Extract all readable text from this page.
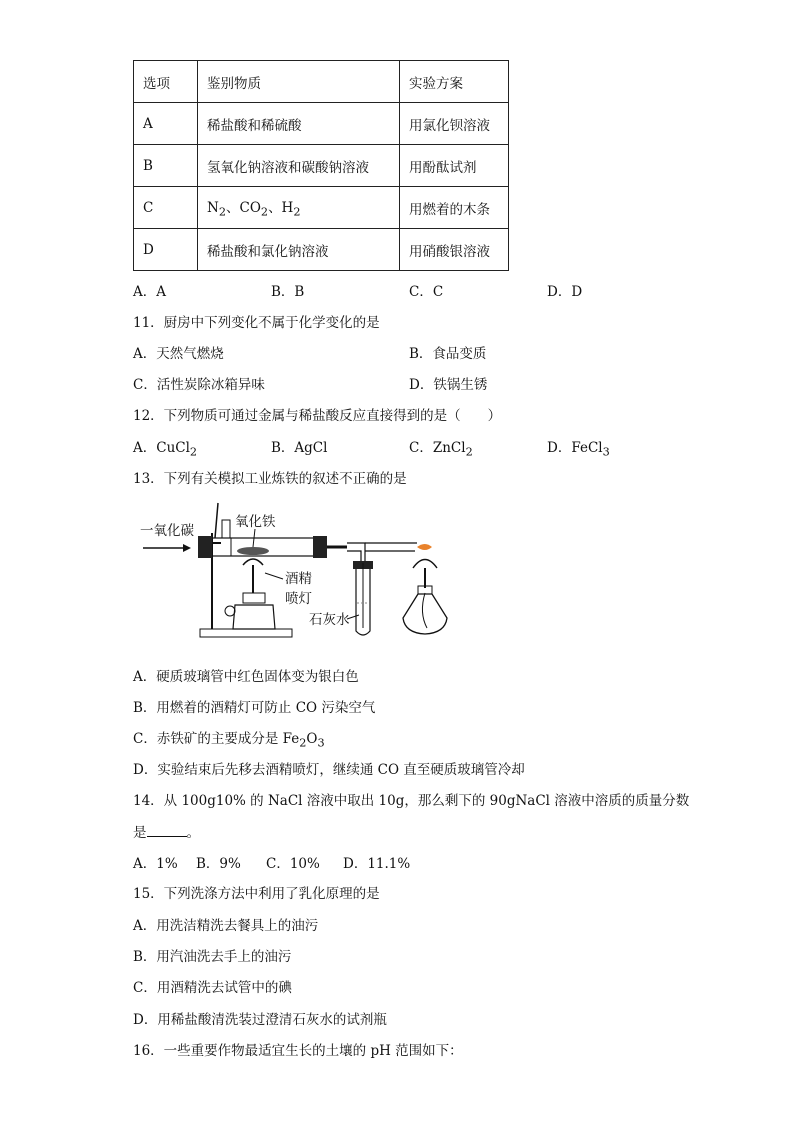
选项	鉴别物质	实验方案
A	稀盐酸和稀硫酸	用氯化钡溶液
B	氢氧化钠溶液和碳酸钠溶液	用酚酞试剂
C	$N_2$、$CO_2$、$H_2$	用燃着的木条
D	稀盐酸和氯化钠溶液	用硝酸银溶液
A．A	B．B	C．C	D．D
11．厨房中下列变化不属于化学变化的是
A．天然气燃烧	B．食品变质
C．活性炭除冰箱异味	D．铁锅生锈
12．下列物质可通过金属与稀盐酸反应直接得到的是（　　）
A．CuCl$_2$	B．AgCl	C．ZnCl$_2$	D．FeCl$_3$
13．下列有关模拟工业炼铁的叙述不正确的是
一氧化碳
氧化铁
酒精
喷灯
石灰水
A．硬质玻璃管中红色固体变为银白色
B．用燃着的酒精灯可防止 CO 污染空气
C．赤铁矿的主要成分是 $Fe_2O_3$
D．实验结束后先移去酒精喷灯，继续通 CO 直至硬质玻璃管冷却
14．从 100g10% 的 NaCl 溶液中取出 10g，那么剩下的 90gNaCl 溶液中溶质的质量分数
是	。
A．1% B．9% C．10% D．11.1%
15．下列洗涤方法中利用了乳化原理的是
A．用洗洁精洗去餐具上的油污
B．用汽油洗去手上的油污
C．用酒精洗去试管中的碘
D．用稀盐酸清洗装过澄清石灰水的试剂瓶
16．一些重要作物最适宜生长的土壤的 pH 范围如下：
